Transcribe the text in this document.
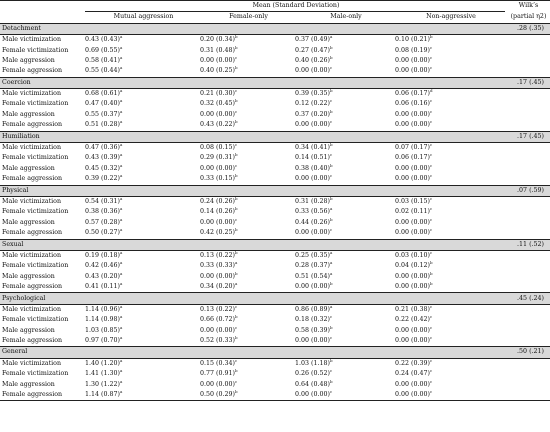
	Mean (Standard Deviation)				Wilk’s
	Mutual aggression	Female-only	Male-only	Non-aggressive	(partial η2)
Detachment					.28 (.35)
Male victimization	0.43 $(0.43)^a$	0.20 $(0.34)^b$	0.37 $(0.49)^a$	0.10 $(0.21)^b$	
Female victimization	0.69 $(0.55)^a$	0.31 $(0.48)^b$	0.27 $(0.47)^b$	0.08 $(0.19)^c$	
Male aggression	0.58 $(0.41)^a$	0.00 $(0.00)^c$	0.40 $(0.26)^b$	0.00 $(0.00)^c$	
Female aggression	0.55 $(0.44)^a$	0.40 $(0.25)^b$	0.00 $(0.00)^c$	0.00 $(0.00)^c$	
Coercion					.17 (.45)
Male victimization	0.68 $(0.61)^a$	0.21 $(0.30)^c$	0.39 $(0.35)^b$	0.06 $(0.17)^d$	
Female victimization	0.47 $(0.40)^a$	0.32 $(0.45)^b$	0.12 $(0.22)^c$	0.06 $(0.16)^c$	
Male aggression	0.55 $(0.37)^a$	0.00 $(0.00)^c$	0.37 $(0.20)^b$	0.00 $(0.00)^c$	
Female aggression	0.51 $(0.28)^a$	0.43 $(0.22)^b$	0.00 $(0.00)^c$	0.00 $(0.00)^c$	
Humiliation					.17 (.45)
Male victimization	0.47 $(0.36)^a$	0.08 $(0.15)^c$	0.34 $(0.41)^b$	0.07 $(0.17)^c$	
Female victimization	0.43 $(0.39)^a$	0.29 $(0.31)^b$	0.14 $(0.51)^c$	0.06 $(0.17)^c$	
Male aggression	0.45 $(0.32)^a$	0.00 $(0.00)^c$	0.38 $(0.40)^b$	0.00 $(0.00)^c$	
Female aggression	0.39 $(0.22)^a$	0.33 $(0.15)^b$	0.00 $(0.00)^c$	0.00 $(0.00)^c$	
Physical					.07 (.59)
Male victimization	0.54 $(0.31)^a$	0.24 $(0.26)^b$	0.31 $(0.28)^b$	0.03 $(0.15)^c$	
Female victimization	0.38 $(0.36)^a$	0.14 $(0.26)^b$	0.33 $(0.56)^a$	0.02 $(0.11)^c$	
Male aggression	0.57 $(0.28)^a$	0.00 $(0.00)^c$	0.44 $(0.26)^b$	0.00 $(0.00)^c$	
Female aggression	0.50 $(0.27)^a$	0.42 $(0.25)^b$	0.00 $(0.00)^c$	0.00 $(0.00)^c$	
Sexual					.11 (.52)
Male victimization	0.19 $(0.18)^a$	0.13 $(0.22)^b$	0.25 $(0.35)^a$	0.03 $(0.10)^c$	
Female victimization	0.42 $(0.46)^a$	0.33 $(0.33)^a$	0.28 $(0.37)^a$	0.04 $(0.12)^b$	
Male aggression	0.43 $(0.20)^a$	0.00 $(0.00)^b$	0.51 $(0.54)^a$	0.00 $(0.00)^b$	
Female aggression	0.41 $(0.11)^a$	0.34 $(0.20)^a$	0.00 $(0.00)^b$	0.00 $(0.00)^b$	
Psychological					.45 (.24)
Male victimization	1.14 $(0.96)^a$	0.13 $(0.22)^c$	0.86 $(0.89)^a$	0.21 $(0.38)^c$	
Female victimization	1.14 $(0.98)^a$	0.66 $(0.72)^b$	0.18 $(0.32)^c$	0.22 $(0.42)^c$	
Male aggression	1.03 $(0.85)^a$	0.00 $(0.00)^c$	0.58 $(0.39)^b$	0.00 $(0.00)^c$	
Female aggression	0.97 $(0.70)^a$	0.52 $(0.33)^b$	0.00 $(0.00)^c$	0.00 $(0.00)^c$	
General					.50 (.21)
Male victimization	1.40 $(1.20)^a$	0.15 $(0.34)^c$	1.03 $(1.18)^b$	0.22 $(0.39)^c$	
Female victimization	1.41 $(1.30)^a$	0.77 $(0.91)^b$	0.26 $(0.52)^c$	0.24 $(0.47)^c$	
Male aggression	1.30 $(1.22)^a$	0.00 $(0.00)^c$	0.64 $(0.48)^b$	0.00 $(0.00)^c$	
Female aggression	1.14 $(0.87)^a$	0.50 $(0.29)^b$	0.00 $(0.00)^c$	0.00 $(0.00)^c$	
